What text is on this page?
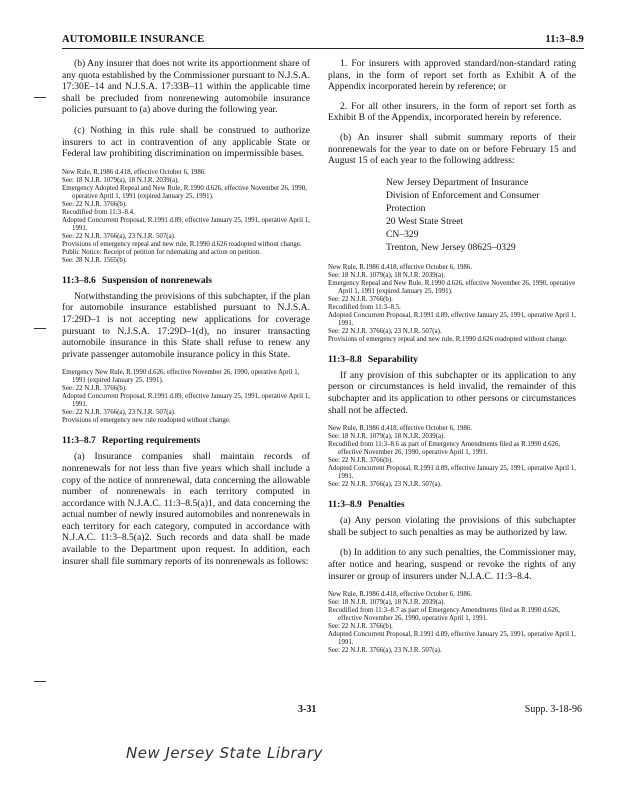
AUTOMOBILE INSURANCE	11:3–8.9

(b) Any insurer that does not write its apportionment share of any quota established by the Commissioner pursuant to N.J.S.A. 17:30E–14 and N.J.S.A. 17:33B–11 within the applicable time shall be precluded from nonrenewing automobile insurance policies pursuant to (a) above during the following year.

(c) Nothing in this rule shall be construed to authorize insurers to act in contravention of any applicable State or Federal law prohibiting discrimination on impermissible bases.

New Rule, R.1986 d.418, effective October 6, 1986.
See: 18 N.J.R. 1079(a), 18 N.J.R. 2039(a).
Emergency Adopted Repeal and New Rule, R.1990 d.626, effective November 26, 1990, operative April 1, 1991 (expired January 25, 1991).
See: 22 N.J.R. 3766(b).
Recodified from 11:3–8.4.
Adopted Concurrent Proposal, R.1991 d.89, effective January 25, 1991, operative April 1, 1991.
See: 22 N.J.R. 3766(a), 23 N.J.R. 507(a).
Provisions of emergency repeal and new rule, R.1990 d.626 readopted without change.
Public Notice: Receipt of petition for rulemaking and action on petition.
See: 28 N.J.R. 1565(b).
11:3–8.6 Suspension of nonrenewals

Notwithstanding the provisions of this subchapter, if the plan for automobile insurance established pursuant to N.J.S.A. 17:29D–1 is not accepting new applications for coverage pursuant to N.J.S.A. 17:29D–1(d), no insurer transacting automobile insurance in this State shall refuse to renew any private passenger automobile insurance policy in this State.

Emergency New Rule, R.1990 d.626, effective November 26, 1990, operative April 1, 1991 (expired January 25, 1991).
See: 22 N.J.R. 3766(b).
Adopted Concurrent Proposal, R.1991 d.89, effective January 25, 1991, operative April 1, 1991.
See: 22 N.J.R. 3766(a), 23 N.J.R. 507(a).
Provisions of emergency new rule readopted without change.
11:3–8.7 Reporting requirements

(a) Insurance companies shall maintain records of nonrenewals for not less than five years which shall include a copy of the notice of nonrenewal, data concerning the allowable number of nonrenewals in each territory computed in accordance with N.J.A.C. 11:3–8.5(a)1, and data concerning the actual number of newly insured automobiles and nonrenewals in each territory for each category, computed in accordance with N.J.A.C. 11:3–8.5(a)2. Such records and data shall be made available to the Department upon request. In addition, each insurer shall file summary reports of its nonrenewals as follows:

1. For insurers with approved standard/non-standard rating plans, in the form of report set forth as Exhibit A of the Appendix incorporated herein by reference; or
2. For all other insurers, in the form of report set forth as Exhibit B of the Appendix, incorporated herein by reference.

(b) An insurer shall submit summary reports of their nonrenewals for the year to date on or before February 15 and August 15 of each year to the following address:

New Jersey Department of Insurance
Division of Enforcement and Consumer Protection
20 West State Street
CN–329
Trenton, New Jersey 08625–0329
New Rule, R.1986 d.418, effective October 6, 1986.
See: 18 N.J.R. 1079(a), 18 N.J.R. 2039(a).
Emergency Repeal and New Rule, R.1990 d.626, effective November 26, 1990, operative April 1, 1991 (expired January 25, 1991).
See: 22 N.J.R. 3766(b).
Recodified from 11:3–8.5.
Adopted Concurrent Proposal, R.1991 d.89, effective January 25, 1991, operative April 1, 1991.
See: 22 N.J.R. 3766(a), 23 N.J.R. 507(a).
Provisions of emergency repeal and new rule, R.1990 d.626 readopted without change.
11:3–8.8 Separability

If any provision of this subchapter or its application to any person or circumstances is held invalid, the remainder of this subchapter and its application to other persons or circumstances shall not be affected.

New Rule, R.1986 d.418, effective October 6, 1986.
See: 18 N.J.R. 1079(a), 18 N.J.R. 2039(a).
Recodified from 11:3–8.6 as part of Emergency Amendments filed as R.1990 d.626, effective November 26, 1990, operative April 1, 1991.
See: 22 N.J.R. 3766(b).
Adopted Concurrent Proposal, R.1991 d.89, effective January 25, 1991, operative April 1, 1991.
See: 22 N.J.R. 3766(a), 23 N.J.R. 507(a).
11:3–8.9 Penalties

(a) Any person violating the provisions of this subchapter shall be subject to such penalties as may be authorized by law.

(b) In addition to any such penalties, the Commissioner may, after notice and hearing, suspend or revoke the rights of any insurer or group of insurers under N.J.A.C. 11:3–8.4.

New Rule, R.1986 d.418, effective October 6, 1986.
See: 18 N.J.R. 1079(a), 18 N.J.R. 2039(a).
Recodified from 11:3–8.7 as part of Emergency Amendments filed as R.1990 d.626, effective November 26, 1990, operative April 1, 1991.
See: 22 N.J.R. 3766(b).
Adopted Concurrent Proposal, R.1991 d.89, effective January 25, 1991, operative April 1, 1991.
See: 22 N.J.R. 3766(a), 23 N.J.R. 507(a).
3-31	Supp. 3-18-96
New Jersey State Library
